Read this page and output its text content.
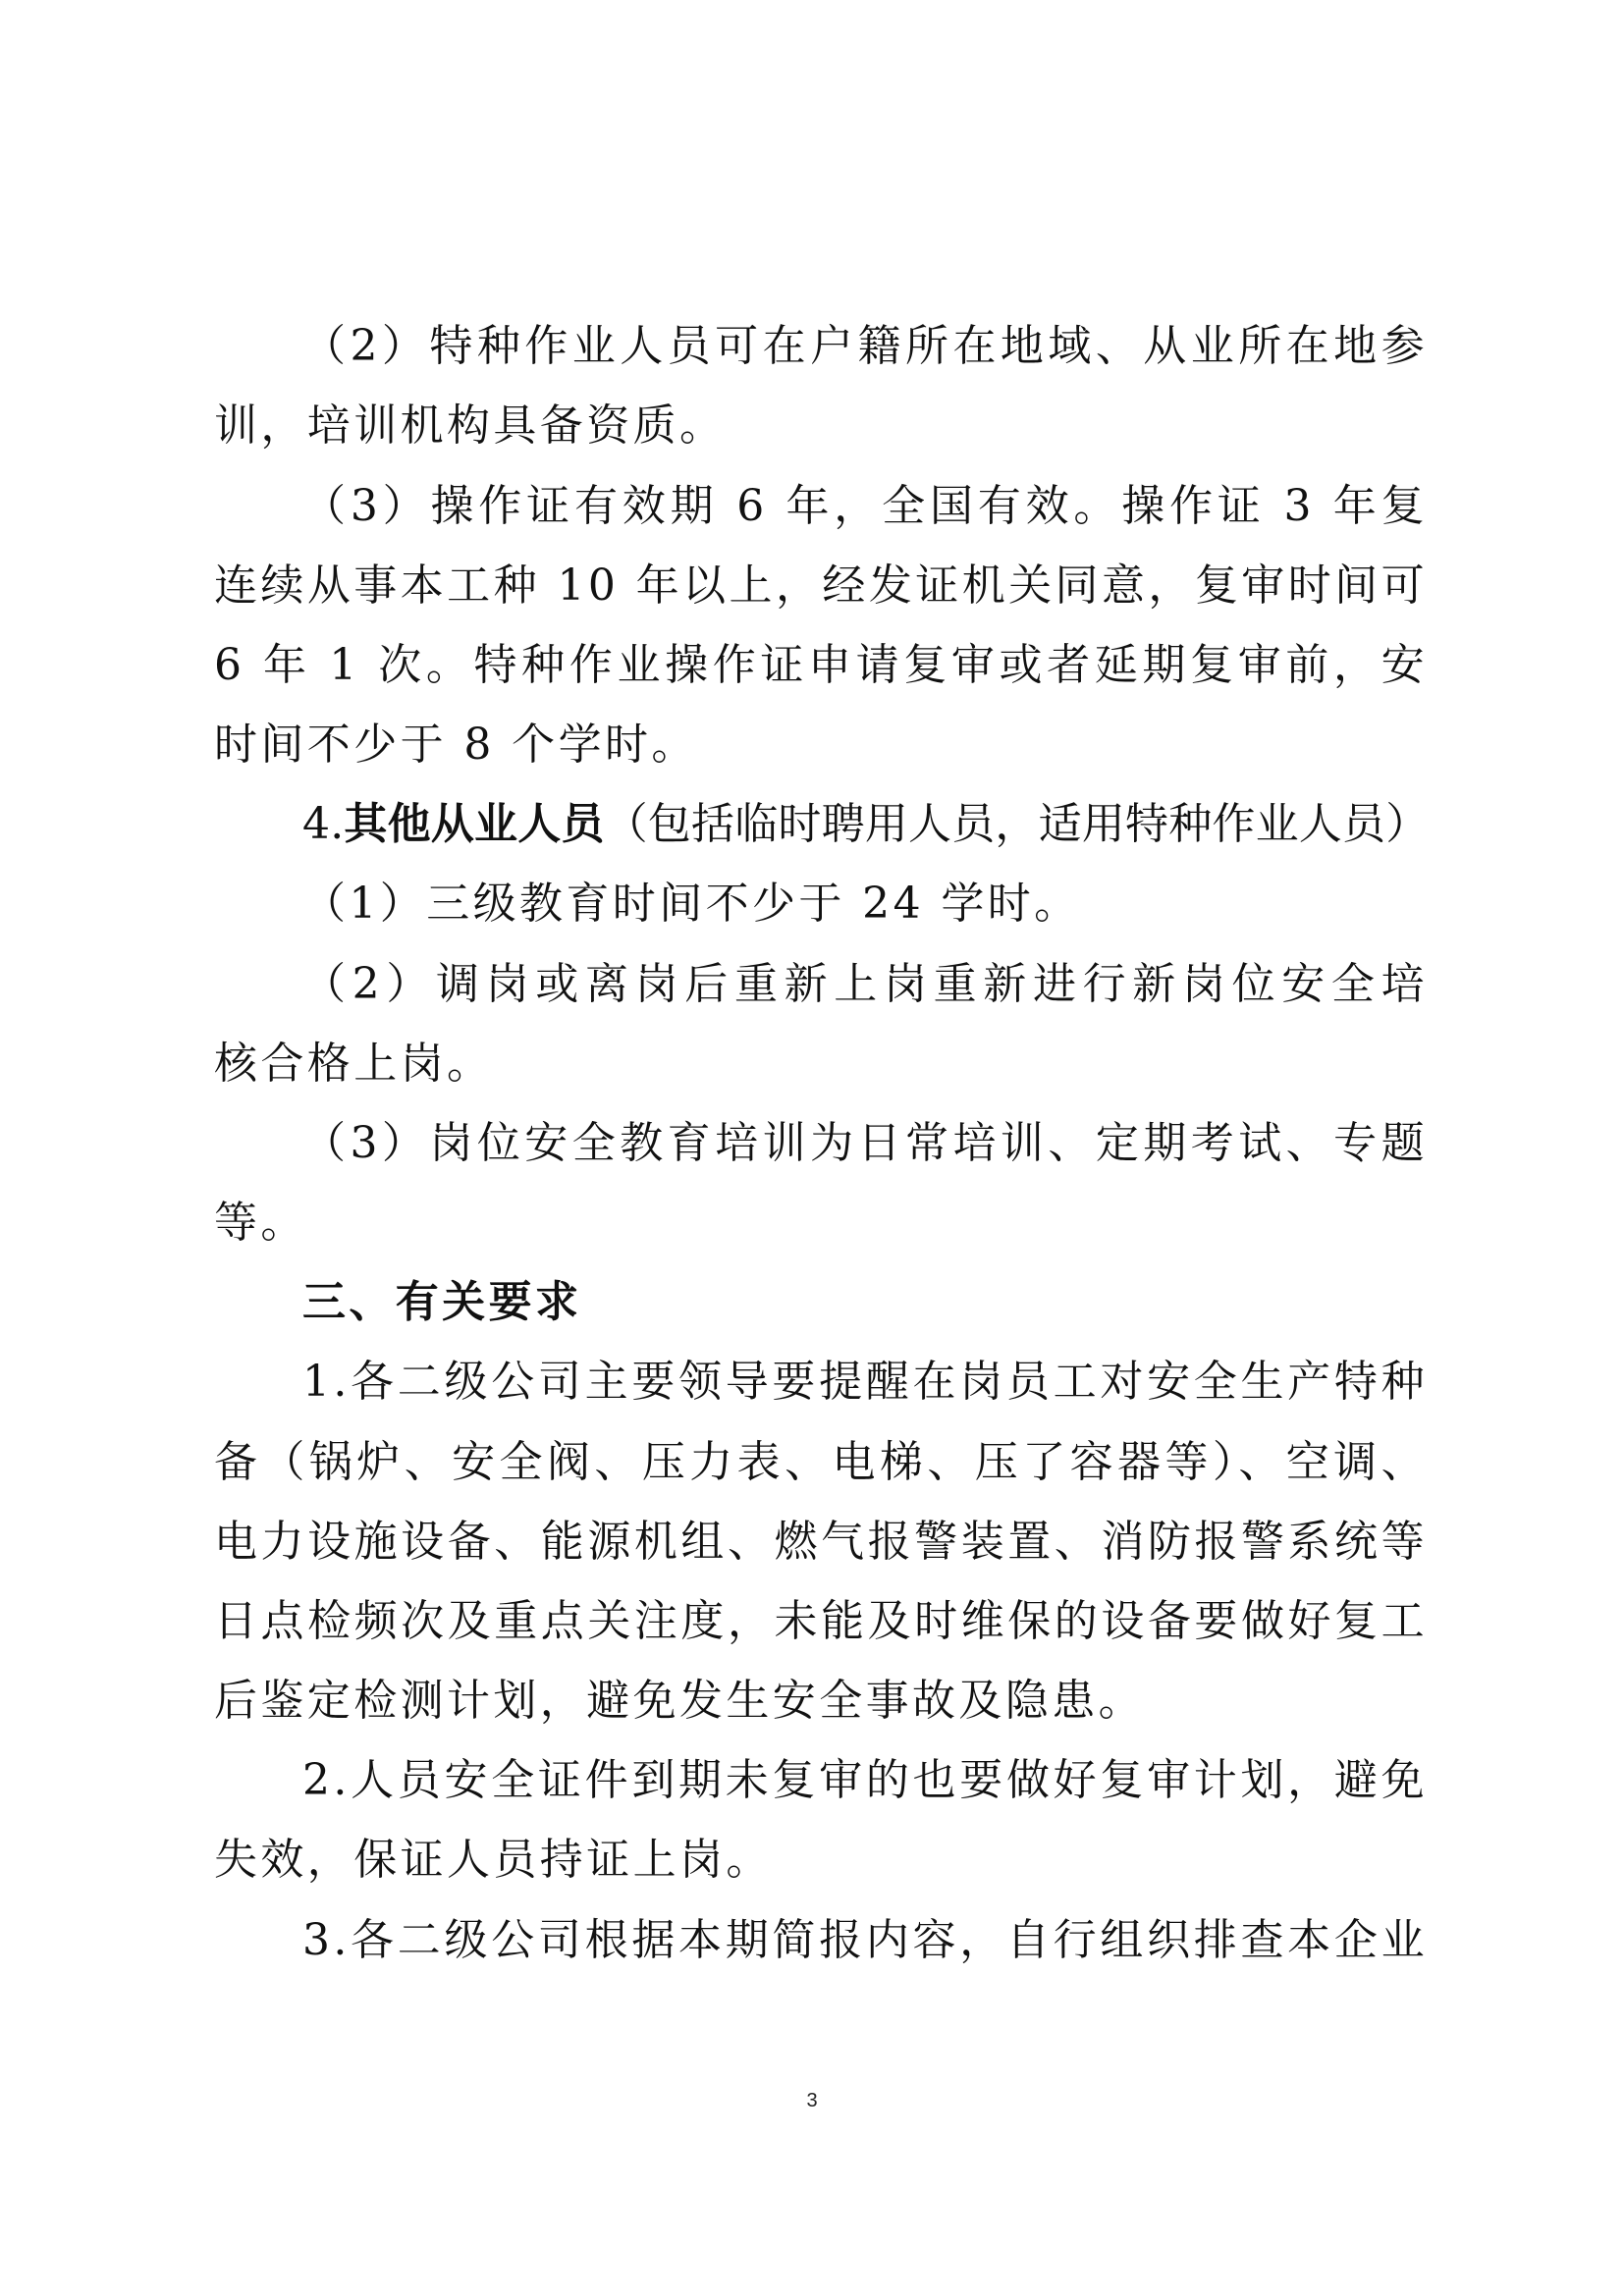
（2）特种作业人员可在户籍所在地域、从业所在地参
训，培训机构具备资质。
（3）操作证有效期 6 年，全国有效。操作证 3 年复
连续从事本工种 10 年以上，经发证机关同意，复审时间可
6 年 1 次。特种作业操作证申请复审或者延期复审前，安
时间不少于 8 个学时。
4.其他从业人员（包括临时聘用人员，适用特种作业人员）
（1）三级教育时间不少于 24 学时。
（2）调岗或离岗后重新上岗重新进行新岗位安全培
核合格上岗。
（3）岗位安全教育培训为日常培训、定期考试、专题
等。
三、有关要求
1.各二级公司主要领导要提醒在岗员工对安全生产特种
备（锅炉、安全阀、压力表、电梯、压了容器等）、空调、
电力设施设备、能源机组、燃气报警装置、消防报警系统等
日点检频次及重点关注度，未能及时维保的设备要做好复工
后鉴定检测计划，避免发生安全事故及隐患。
2.人员安全证件到期未复审的也要做好复审计划，避免
失效，保证人员持证上岗。
3.各二级公司根据本期简报内容，自行组织排查本企业
3
